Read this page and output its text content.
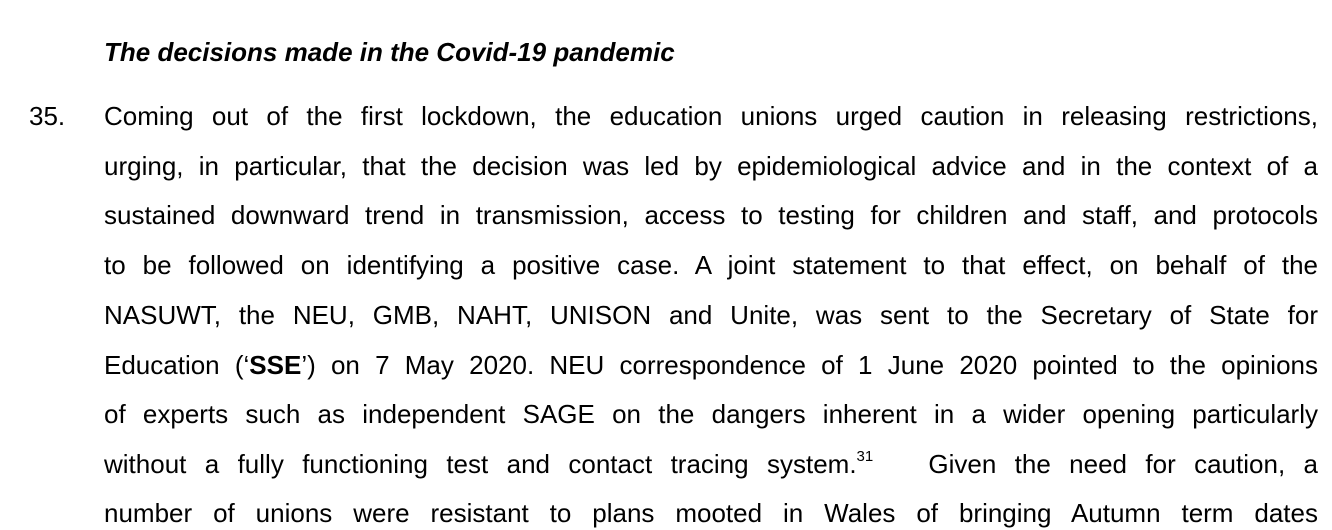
The decisions made in the Covid-19 pandemic
35. Coming out of the first lockdown, the education unions urged caution in releasing restrictions,
urging, in particular, that the decision was led by epidemiological advice and in the context of a
sustained downward trend in transmission, access to testing for children and staff, and protocols
to be followed on identifying a positive case. A joint statement to that effect, on behalf of the
NASUWT, the NEU, GMB, NAHT, UNISON and Unite, was sent to the Secretary of State for
Education (‘SSE’) on 7 May 2020. NEU correspondence of 1 June 2020 pointed to the opinions
of experts such as independent SAGE on the dangers inherent in a wider opening particularly
without a fully functioning test and contact tracing system.$^{31}$   Given the need for caution, a
number of unions were resistant to plans mooted in Wales of bringing Autumn term dates
